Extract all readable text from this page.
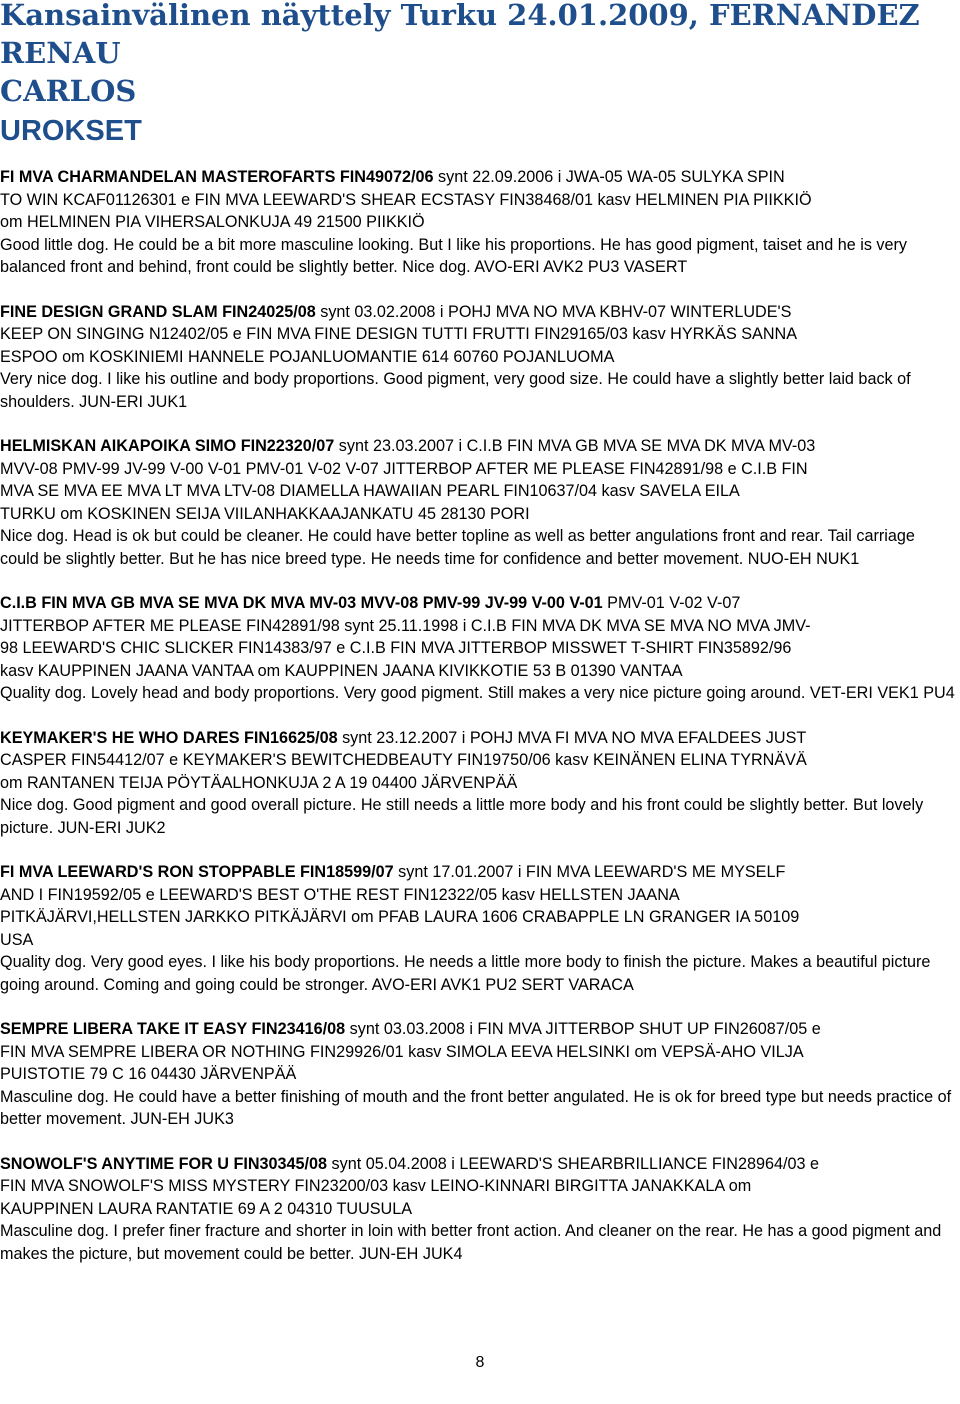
Kansainvälinen näyttely Turku 24.01.2009, FERNANDEZ RENAU
CARLOS
UROKSET
FI MVA CHARMANDELAN MASTEROFARTS FIN49072/06 synt 22.09.2006 i JWA-05 WA-05 SULYKA SPIN
TO WIN KCAF01126301 e FIN MVA LEEWARD'S SHEAR ECSTASY FIN38468/01 kasv HELMINEN PIA PIIKKIÖ
om HELMINEN PIA VIHERSALONKUJA 49 21500 PIIKKIÖ
Good little dog. He could be a bit more masculine looking. But I like his proportions. He has good pigment, taiset and he is very balanced front and behind, front could be slightly better. Nice dog. AVO-ERI AVK2 PU3 VASERT
FINE DESIGN GRAND SLAM FIN24025/08 synt 03.02.2008 i POHJ MVA NO MVA KBHV-07 WINTERLUDE'S
KEEP ON SINGING N12402/05 e FIN MVA FINE DESIGN TUTTI FRUTTI FIN29165/03 kasv HYRKÄS SANNA
ESPOO om KOSKINIEMI HANNELE POJANLUOMANTIE 614 60760 POJANLUOMA
Very nice dog. I like his outline and body proportions. Good pigment, very good size. He could have a slightly better laid back of shoulders. JUN-ERI JUK1
HELMISKAN AIKAPOIKA SIMO FIN22320/07 synt 23.03.2007 i C.I.B FIN MVA GB MVA SE MVA DK MVA MV-03
MVV-08 PMV-99 JV-99 V-00 V-01 PMV-01 V-02 V-07 JITTERBOP AFTER ME PLEASE FIN42891/98 e C.I.B FIN
MVA SE MVA EE MVA LT MVA LTV-08 DIAMELLA HAWAIIAN PEARL FIN10637/04 kasv SAVELA EILA
TURKU om KOSKINEN SEIJA VIILANHAKKAAJANKATU 45 28130 PORI
Nice dog. Head is ok but could be cleaner. He could have better topline as well as better angulations front and rear. Tail carriage could be slightly better. But he has nice breed type. He needs time for confidence and better movement. NUO-EH NUK1
C.I.B FIN MVA GB MVA SE MVA DK MVA MV-03 MVV-08 PMV-99 JV-99 V-00 V-01 PMV-01 V-02 V-07
JITTERBOP AFTER ME PLEASE FIN42891/98 synt 25.11.1998 i C.I.B FIN MVA DK MVA SE MVA NO MVA JMV-
98 LEEWARD'S CHIC SLICKER FIN14383/97 e C.I.B FIN MVA JITTERBOP MISSWET T-SHIRT FIN35892/96
kasv KAUPPINEN JAANA VANTAA om KAUPPINEN JAANA KIVIKKOTIE 53 B 01390 VANTAA
Quality dog. Lovely head and body proportions. Very good pigment. Still makes a very nice picture going around. VET-ERI VEK1 PU4
KEYMAKER'S HE WHO DARES FIN16625/08 synt 23.12.2007 i POHJ MVA FI MVA NO MVA EFALDEES JUST
CASPER FIN54412/07 e KEYMAKER'S BEWITCHEDBEAUTY FIN19750/06 kasv KEINÄNEN ELINA TYRNÄVÄ
om RANTANEN TEIJA PÖYTÄALHONKUJA 2 A 19 04400 JÄRVENPÄÄ
Nice dog. Good pigment and good overall picture. He still needs a little more body and his front could be slightly better. But lovely picture. JUN-ERI JUK2
FI MVA LEEWARD'S RON STOPPABLE FIN18599/07 synt 17.01.2007 i FIN MVA LEEWARD'S ME MYSELF
AND I FIN19592/05 e LEEWARD'S BEST O'THE REST FIN12322/05 kasv HELLSTEN JAANA
PITKÄJÄRVI,HELLSTEN JARKKO PITKÄJÄRVI om PFAB LAURA 1606 CRABAPPLE LN GRANGER IA 50109
USA
Quality dog. Very good eyes. I like his body proportions. He needs a little more body to finish the picture. Makes a beautiful picture going around. Coming and going could be stronger. AVO-ERI AVK1 PU2 SERT VARACA
SEMPRE LIBERA TAKE IT EASY FIN23416/08 synt 03.03.2008 i FIN MVA JITTERBOP SHUT UP FIN26087/05 e
FIN MVA SEMPRE LIBERA OR NOTHING FIN29926/01 kasv SIMOLA EEVA HELSINKI om VEPSÄ-AHO VILJA
PUISTOTIE 79 C 16 04430 JÄRVENPÄÄ
Masculine dog. He could have a better finishing of mouth and the front better angulated. He is ok for breed type but needs practice of better movement. JUN-EH JUK3
SNOWOLF'S ANYTIME FOR U FIN30345/08 synt 05.04.2008 i LEEWARD'S SHEARBRILLIANCE FIN28964/03 e
FIN MVA SNOWOLF'S MISS MYSTERY FIN23200/03 kasv LEINO-KINNARI BIRGITTA JANAKKALA om
KAUPPINEN LAURA RANTATIE 69 A 2 04310 TUUSULA
Masculine dog. I prefer finer fracture and shorter in loin with better front action. And cleaner on the rear. He has a good pigment and makes the picture, but movement could be better. JUN-EH JUK4
8
